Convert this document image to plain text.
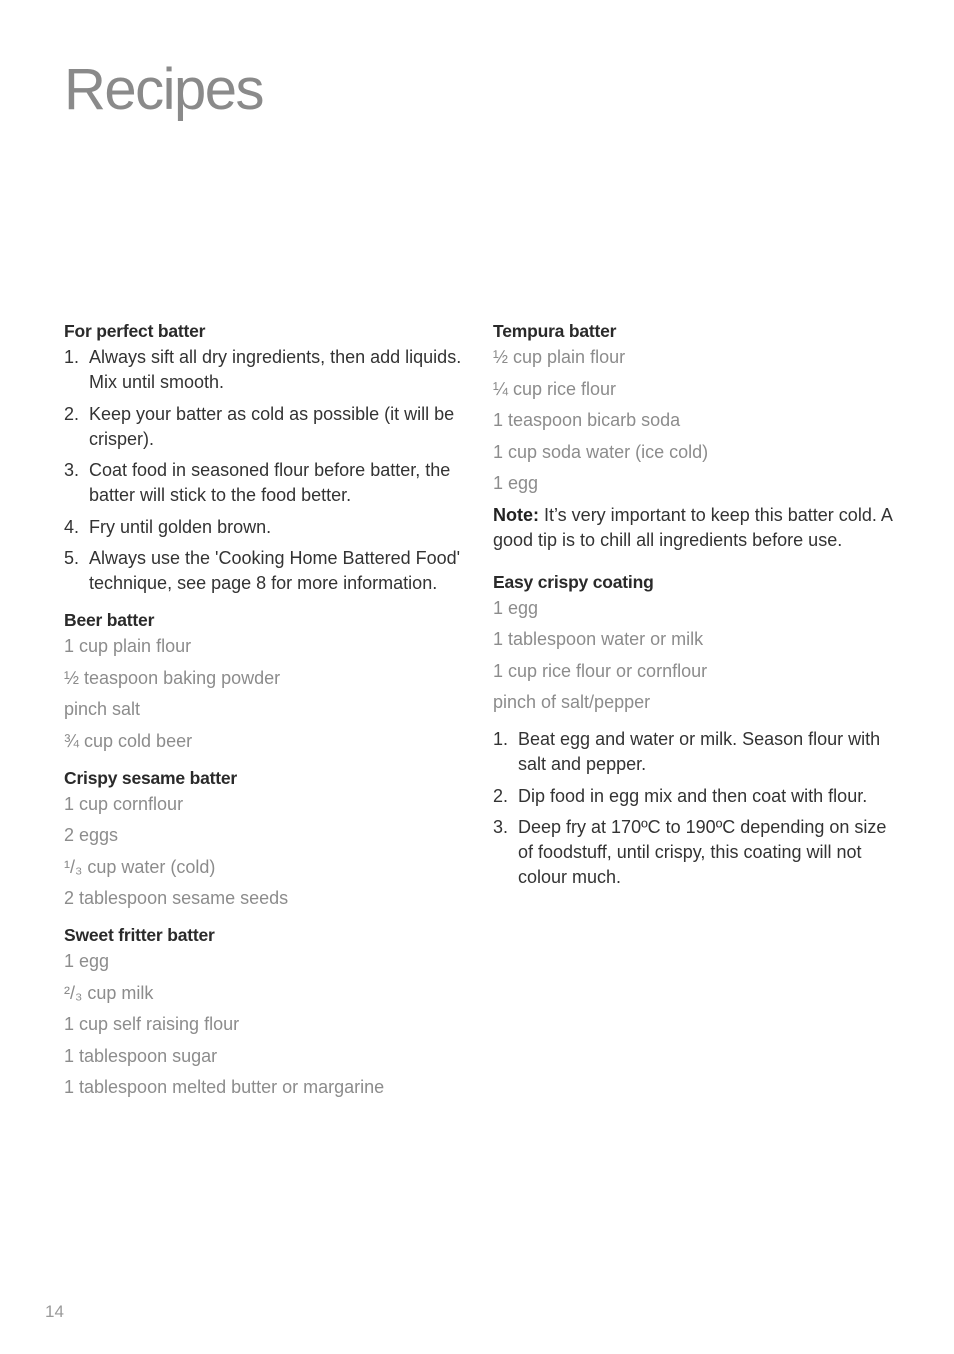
Recipes
For perfect batter
1. Always sift all dry ingredients, then add liquids. Mix until smooth.
2. Keep your batter as cold as possible (it will be crisper).
3. Coat food in seasoned flour before batter, the batter will stick to the food better.
4. Fry until golden brown.
5. Always use the 'Cooking Home Battered Food' technique, see page 8 for more information.
Beer batter
1 cup plain flour
½ teaspoon baking powder
pinch salt
¾ cup cold beer
Crispy sesame batter
1 cup cornflour
2 eggs
¹/₃ cup water (cold)
2 tablespoon sesame seeds
Sweet fritter batter
1 egg
²/₃ cup milk
1 cup self raising flour
1 tablespoon sugar
1 tablespoon melted butter or margarine
Tempura batter
½ cup plain flour
¼ cup rice flour
1 teaspoon bicarb soda
1 cup soda water (ice cold)
1 egg

Note: It’s very important to keep this batter cold. A good tip is to chill all ingredients before use.

Easy crispy coating
1 egg
1 tablespoon water or milk
1 cup rice flour or cornflour
pinch of salt/pepper
1. Beat egg and water or milk. Season flour with salt and pepper.
2. Dip food in egg mix and then coat with flour.
3. Deep fry at 170ºC to 190ºC depending on size of foodstuff, until crispy, this coating will not colour much.
14
